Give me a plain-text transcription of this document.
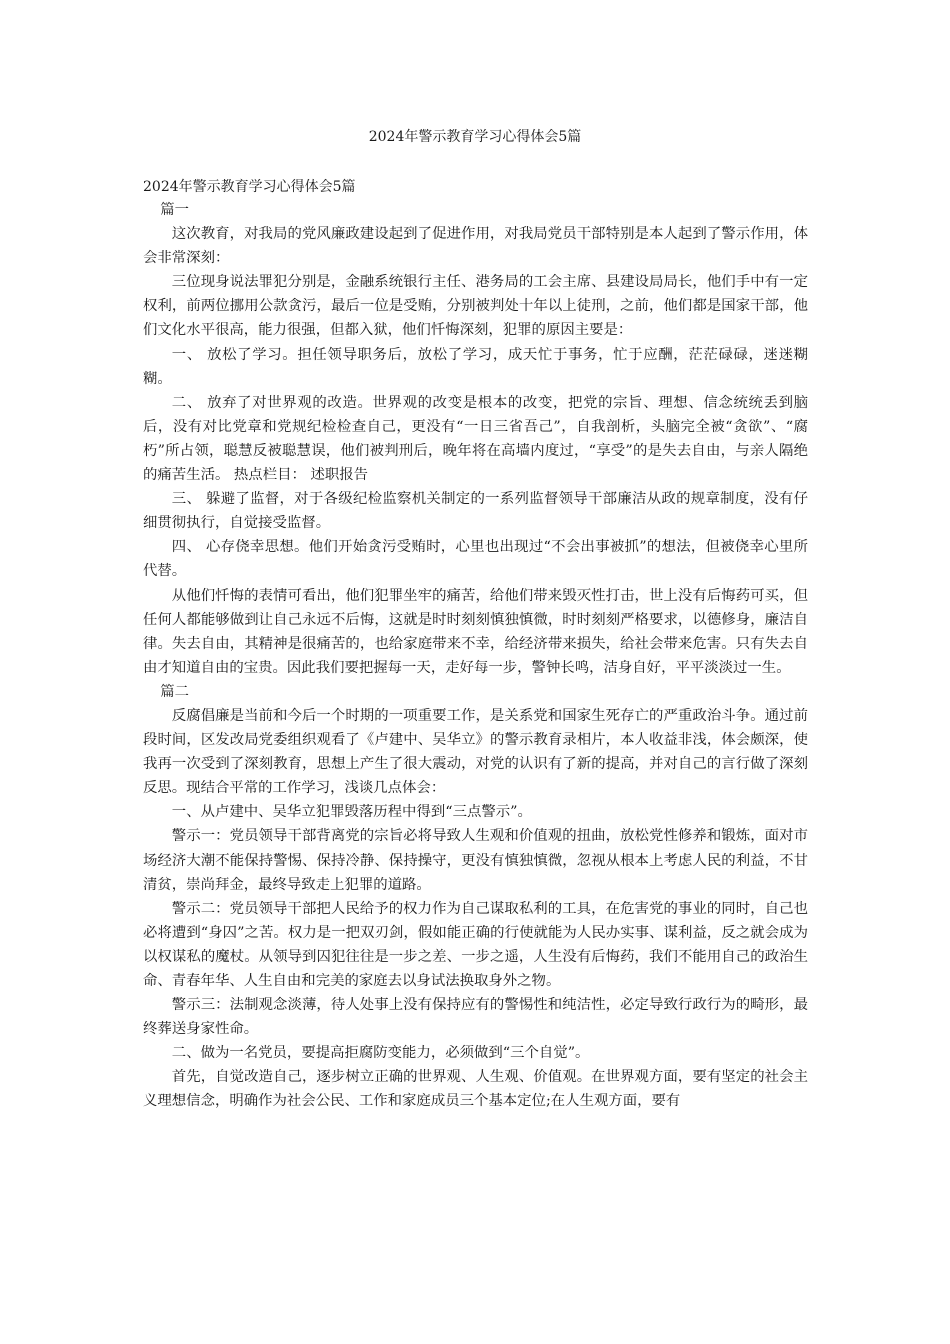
2024年警示教育学习心得体会5篇

2024年警示教育学习心得体会5篇

篇一

这次教育，对我局的党风廉政建设起到了促进作用，对我局党员干部特别是本人起到了警示作用，体会非常深刻：

三位现身说法罪犯分别是，金融系统银行主任、港务局的工会主席、县建设局局长，他们手中有一定权利，前两位挪用公款贪污，最后一位是受贿，分别被判处十年以上徒刑，之前，他们都是国家干部，他们文化水平很高，能力很强，但都入狱，他们忏悔深刻，犯罪的原因主要是：

一、 放松了学习。担任领导职务后，放松了学习，成天忙于事务，忙于应酬，茫茫碌碌，迷迷糊糊。

二、 放弃了对世界观的改造。世界观的改变是根本的改变，把党的宗旨、理想、信念统统丢到脑后，没有对比党章和党规纪检检查自己，更没有“一日三省吾己”，自我剖析，头脑完全被“贪欲”、“腐朽”所占领，聪慧反被聪慧误，他们被判刑后，晚年将在高墙内度过，“享受”的是失去自由，与亲人隔绝的痛苦生活。 热点栏目： 述职报告

三、 躲避了监督，对于各级纪检监察机关制定的一系列监督领导干部廉洁从政的规章制度，没有仔细贯彻执行，自觉接受监督。

四、 心存侥幸思想。他们开始贪污受贿时，心里也出现过“不会出事被抓”的想法，但被侥幸心里所代替。

从他们忏悔的表情可看出，他们犯罪坐牢的痛苦，给他们带来毁灭性打击，世上没有后悔药可买，但任何人都能够做到让自己永远不后悔，这就是时时刻刻慎独慎微，时时刻刻严格要求，以德修身，廉洁自律。失去自由，其精神是很痛苦的，也给家庭带来不幸，给经济带来损失，给社会带来危害。只有失去自由才知道自由的宝贵。因此我们要把握每一天，走好每一步，警钟长鸣，洁身自好，平平淡淡过一生。

篇二

反腐倡廉是当前和今后一个时期的一项重要工作，是关系党和国家生死存亡的严重政治斗争。通过前段时间，区发改局党委组织观看了《卢建中、吴华立》的警示教育录相片，本人收益非浅，体会颇深，使我再一次受到了深刻教育，思想上产生了很大震动，对党的认识有了新的提高，并对自己的言行做了深刻反思。现结合平常的工作学习，浅谈几点体会：

一、从卢建中、吴华立犯罪毁落历程中得到“三点警示”。

警示一：党员领导干部背离党的宗旨必将导致人生观和价值观的扭曲，放松党性修养和锻炼，面对市场经济大潮不能保持警惕、保持冷静、保持操守，更没有慎独慎微，忽视从根本上考虑人民的利益，不甘清贫，崇尚拜金，最终导致走上犯罪的道路。

警示二：党员领导干部把人民给予的权力作为自己谋取私利的工具，在危害党的事业的同时，自己也必将遭到“身囚”之苦。权力是一把双刃剑，假如能正确的行使就能为人民办实事、谋利益，反之就会成为以权谋私的魔杖。从领导到囚犯往往是一步之差、一步之遥，人生没有后悔药，我们不能用自己的政治生命、青春年华、人生自由和完美的家庭去以身试法换取身外之物。

警示三：法制观念淡薄，待人处事上没有保持应有的警惕性和纯洁性，必定导致行政行为的畸形，最终葬送身家性命。

二、做为一名党员，要提高拒腐防变能力，必须做到“三个自觉”。

首先，自觉改造自己，逐步树立正确的世界观、人生观、价值观。在世界观方面，要有坚定的社会主义理想信念，明确作为社会公民、工作和家庭成员三个基本定位;在人生观方面，要有
